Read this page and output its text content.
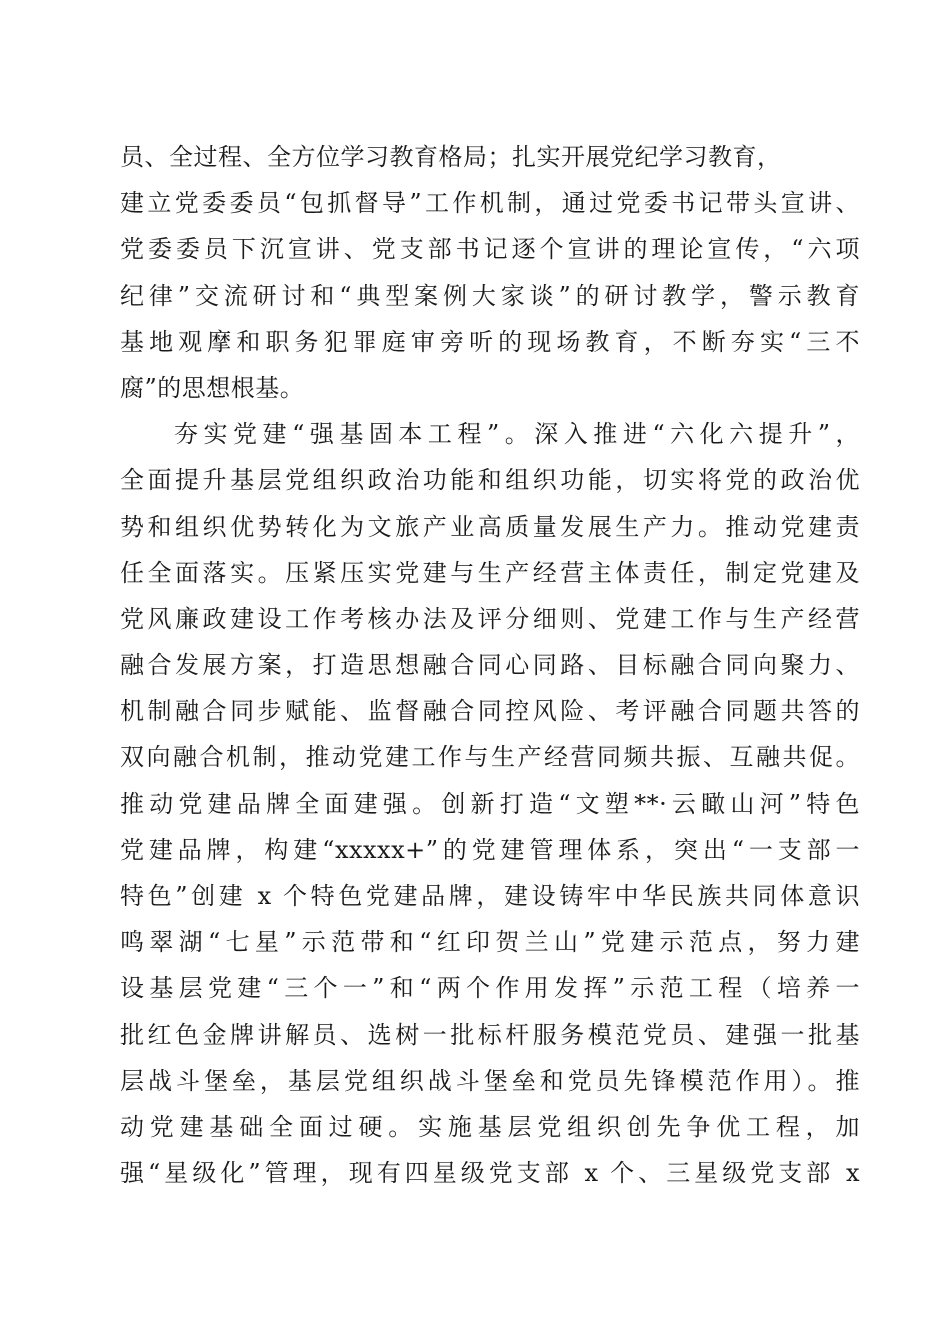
员、全过程、全方位学习教育格局；扎实开展党纪学习教育，
建立党委委员“包抓督导”工作机制，通过党委书记带头宣讲、
党委委员下沉宣讲、党支部书记逐个宣讲的理论宣传，“六项
纪律”交流研讨和“典型案例大家谈”的研讨教学，警示教育
基地观摩和职务犯罪庭审旁听的现场教育，不断夯实“三不
腐”的思想根基。
夯实党建“强基固本工程”。深入推进“六化六提升”，
全面提升基层党组织政治功能和组织功能，切实将党的政治优
势和组织优势转化为文旅产业高质量发展生产力。推动党建责
任全面落实。压紧压实党建与生产经营主体责任，制定党建及
党风廉政建设工作考核办法及评分细则、党建工作与生产经营
融合发展方案，打造思想融合同心同路、目标融合同向聚力、
机制融合同步赋能、监督融合同控风险、考评融合同题共答的
双向融合机制，推动党建工作与生产经营同频共振、互融共促。
推动党建品牌全面建强。创新打造“文塑**·云瞰山河”特色
党建品牌，构建“xxxxx+”的党建管理体系，突出“一支部一
特色”创建 x 个特色党建品牌，建设铸牢中华民族共同体意识
鸣翠湖“七星”示范带和“红印贺兰山”党建示范点，努力建
设基层党建“三个一”和“两个作用发挥”示范工程（培养一
批红色金牌讲解员、选树一批标杆服务模范党员、建强一批基
层战斗堡垒，基层党组织战斗堡垒和党员先锋模范作用）。推
动党建基础全面过硬。实施基层党组织创先争优工程，加
强“星级化”管理，现有四星级党支部 x 个、三星级党支部 x
